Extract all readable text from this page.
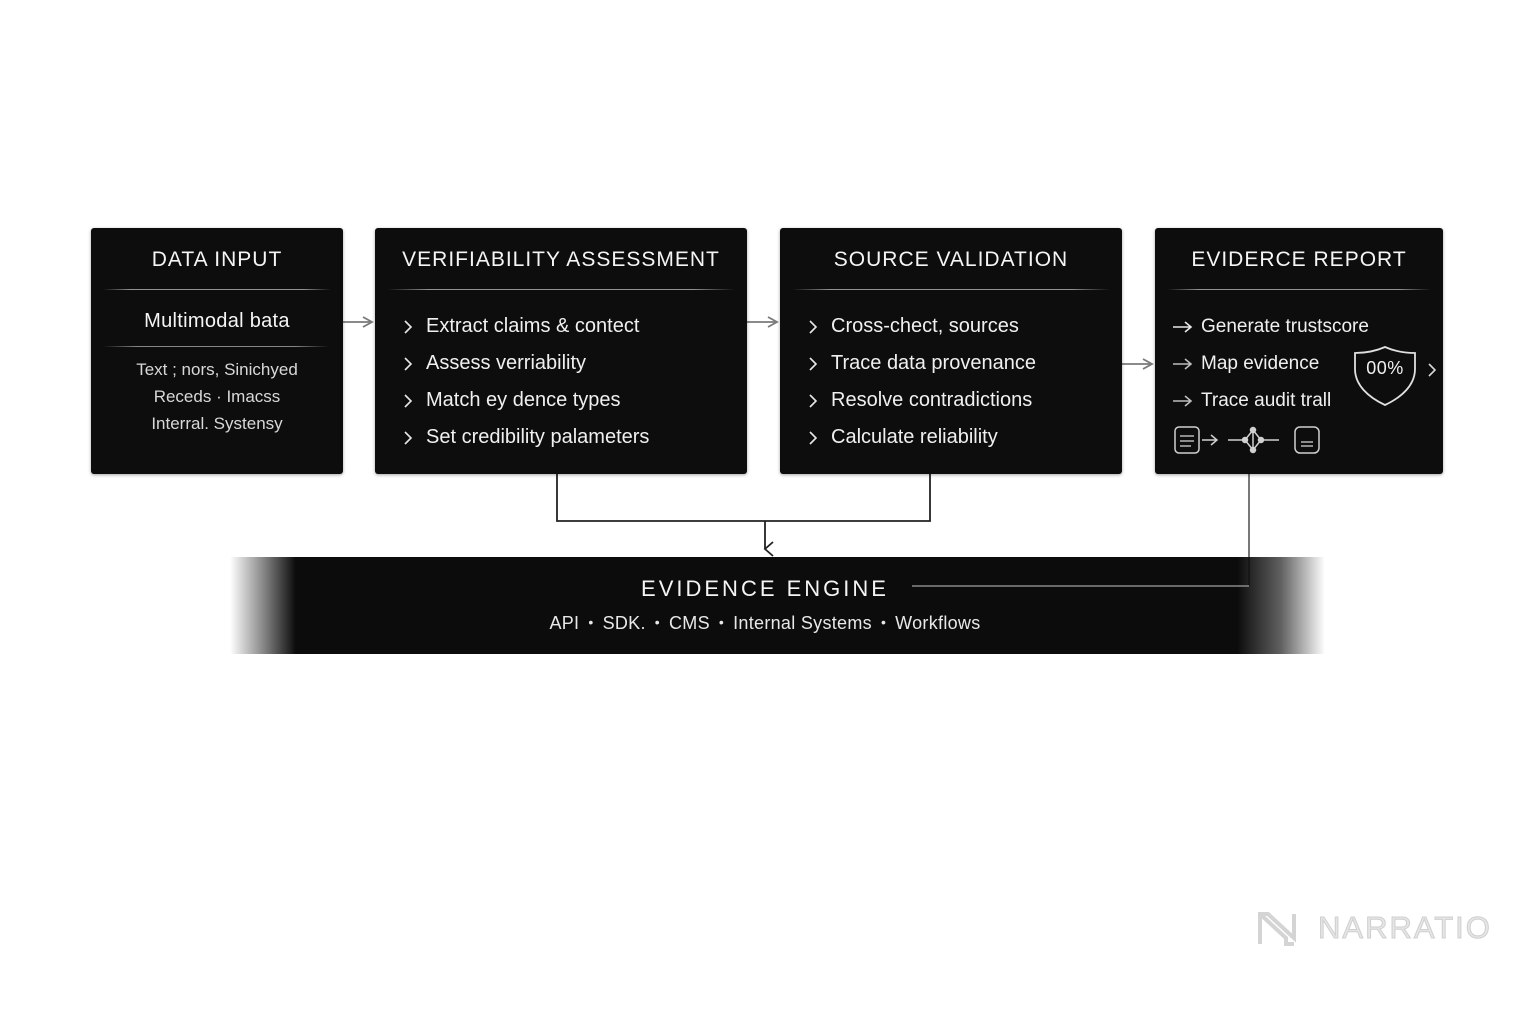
DATA INPUT
Multimodal bata
Text ; nors, Sinichyed
Receds · Imacss
Interral. Systensy
VERIFIABILITY ASSESSMENT
Extract claims & contect
Assess verriability
Match ey dence types
Set credibility palameters
SOURCE VALIDATION
Cross-chect, sources
Trace data provenance
Resolve contradictions
Calculate reliability
EVIDERCE REPORT
Generate trustscore
Map evidence
Trace audit trall
00%
EVIDENCE ENGINE
API • SDK. • CMS • Internal Systems • Workflows
NARRATIO
